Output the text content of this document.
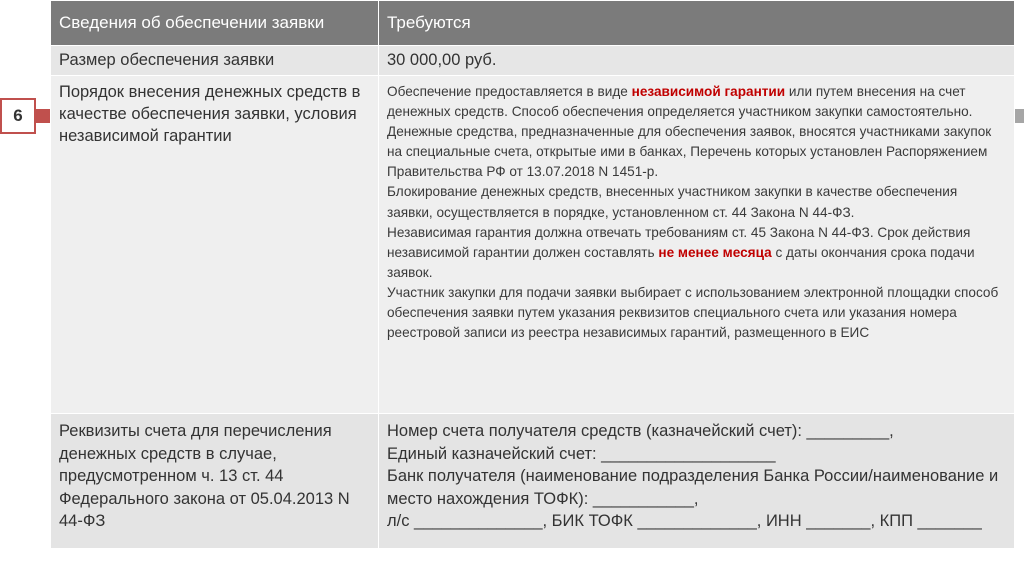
6
Сведения об обеспечении заявки	Требуются
Размер обеспечения заявки	30 000,00 руб.
Порядок внесения денежных средств в качестве обеспечения заявки, условия независимой гарантии	Обеспечение предоставляется в виде независимой гарантии или путем внесения на счет денежных средств. Способ обеспечения определяется участником закупки самостоятельно.

Денежные средства, предназначенные для обеспечения заявок, вносятся участниками закупок на специальные счета, открытые ими в банках, Перечень которых установлен Распоряжением Правительства РФ от 13.07.2018 N 1451-р.

Блокирование денежных средств, внесенных участником закупки в качестве обеспечения заявки, осуществляется в порядке, установленном ст. 44 Закона N 44-ФЗ.

Независимая гарантия должна отвечать требованиям ст. 45 Закона N 44-ФЗ. Срок действия независимой гарантии должен составлять не менее месяца с даты окончания срока подачи заявок.

Участник закупки для подачи заявки выбирает с использованием электронной площадки способ обеспечения заявки путем указания реквизитов специального счета или указания номера реестровой записи из реестра независимых гарантий, размещенного в ЕИС

Реквизиты счета для перечисления денежных средств в случае, предусмотренном ч. 13 ст. 44 Федерального закона от 05.04.2013 N 44-ФЗ	Номер счета получателя средств (казначейский счет): _________,

Единый казначейский счет: ___________________

Банк получателя (наименование подразделения Банка России/наименование и место нахождения ТОФК): ___________,

л/с ______________, БИК ТОФК _____________, ИНН _______, КПП _______
